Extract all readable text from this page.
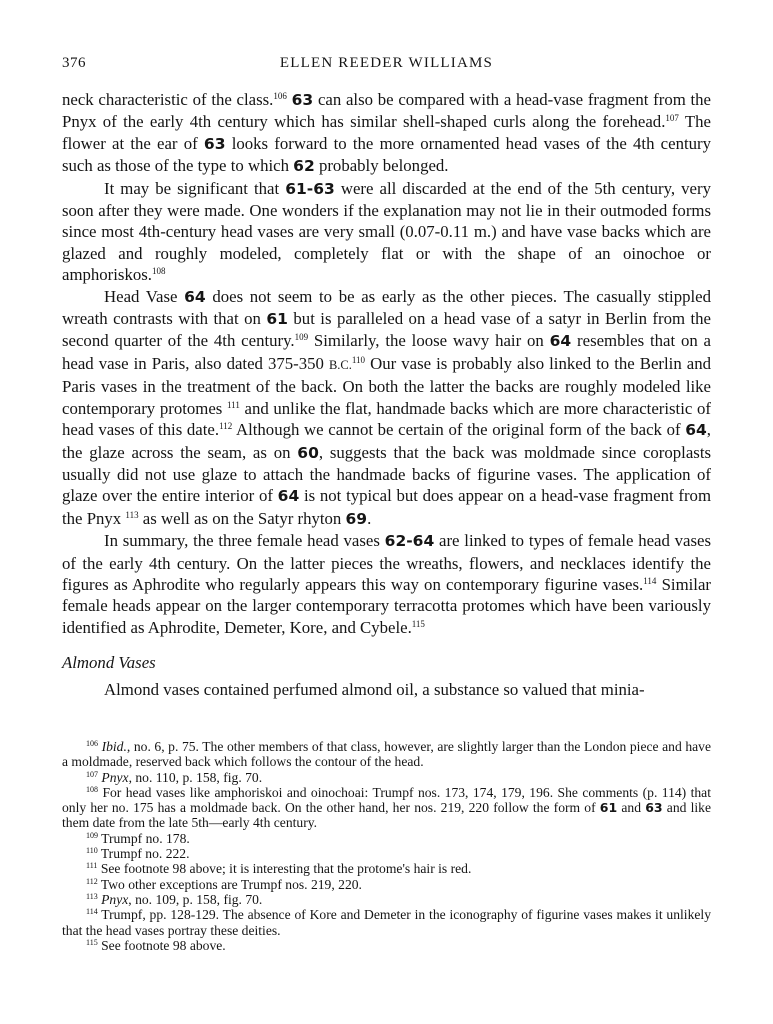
376	ELLEN REEDER WILLIAMS

neck characteristic of the class.$^{106}$ 63 can also be compared with a head-vase fragment from the Pnyx of the early 4th century which has similar shell-shaped curls along the forehead.$^{107}$ The flower at the ear of 63 looks forward to the more ornamented head vases of the 4th century such as those of the type to which 62 probably belonged.

It may be significant that 61-63 were all discarded at the end of the 5th century, very soon after they were made. One wonders if the explanation may not lie in their outmoded forms since most 4th-century head vases are very small (0.07-0.11 m.) and have vase backs which are glazed and roughly modeled, completely flat or with the shape of an oinochoe or amphoriskos.$^{108}$

Head Vase 64 does not seem to be as early as the other pieces. The casually stippled wreath contrasts with that on 61 but is paralleled on a head vase of a satyr in Berlin from the second quarter of the 4th century.$^{109}$ Similarly, the loose wavy hair on 64 resembles that on a head vase in Paris, also dated 375-350 B.C.$^{110}$ Our vase is probably also linked to the Berlin and Paris vases in the treatment of the back. On both the latter the backs are roughly modeled like contemporary protomes $^{111}$ and unlike the flat, handmade backs which are more characteristic of head vases of this date.$^{112}$ Although we cannot be certain of the original form of the back of 64, the glaze across the seam, as on 60, suggests that the back was moldmade since coroplasts usually did not use glaze to attach the handmade backs of figurine vases. The application of glaze over the entire interior of 64 is not typical but does appear on a head-vase fragment from the Pnyx $^{113}$ as well as on the Satyr rhyton 69.

In summary, the three female head vases 62-64 are linked to types of female head vases of the early 4th century. On the latter pieces the wreaths, flowers, and necklaces identify the figures as Aphrodite who regularly appears this way on contemporary figurine vases.$^{114}$ Similar female heads appear on the larger contemporary terracotta protomes which have been variously identified as Aphrodite, Demeter, Kore, and Cybele.$^{115}$

Almond Vases

Almond vases contained perfumed almond oil, a substance so valued that minia-

$^{106}$ Ibid., no. 6, p. 75. The other members of that class, however, are slightly larger than the London piece and have a moldmade, reserved back which follows the contour of the head.

$^{107}$ Pnyx, no. 110, p. 158, fig. 70.

$^{108}$ For head vases like amphoriskoi and oinochoai: Trumpf nos. 173, 174, 179, 196. She comments (p. 114) that only her no. 175 has a moldmade back. On the other hand, her nos. 219, 220 follow the form of 61 and 63 and like them date from the late 5th—early 4th century.

$^{109}$ Trumpf no. 178.

$^{110}$ Trumpf no. 222.

$^{111}$ See footnote 98 above; it is interesting that the protome's hair is red.

$^{112}$ Two other exceptions are Trumpf nos. 219, 220.

$^{113}$ Pnyx, no. 109, p. 158, fig. 70.

$^{114}$ Trumpf, pp. 128-129. The absence of Kore and Demeter in the iconography of figurine vases makes it unlikely that the head vases portray these deities.

$^{115}$ See footnote 98 above.
